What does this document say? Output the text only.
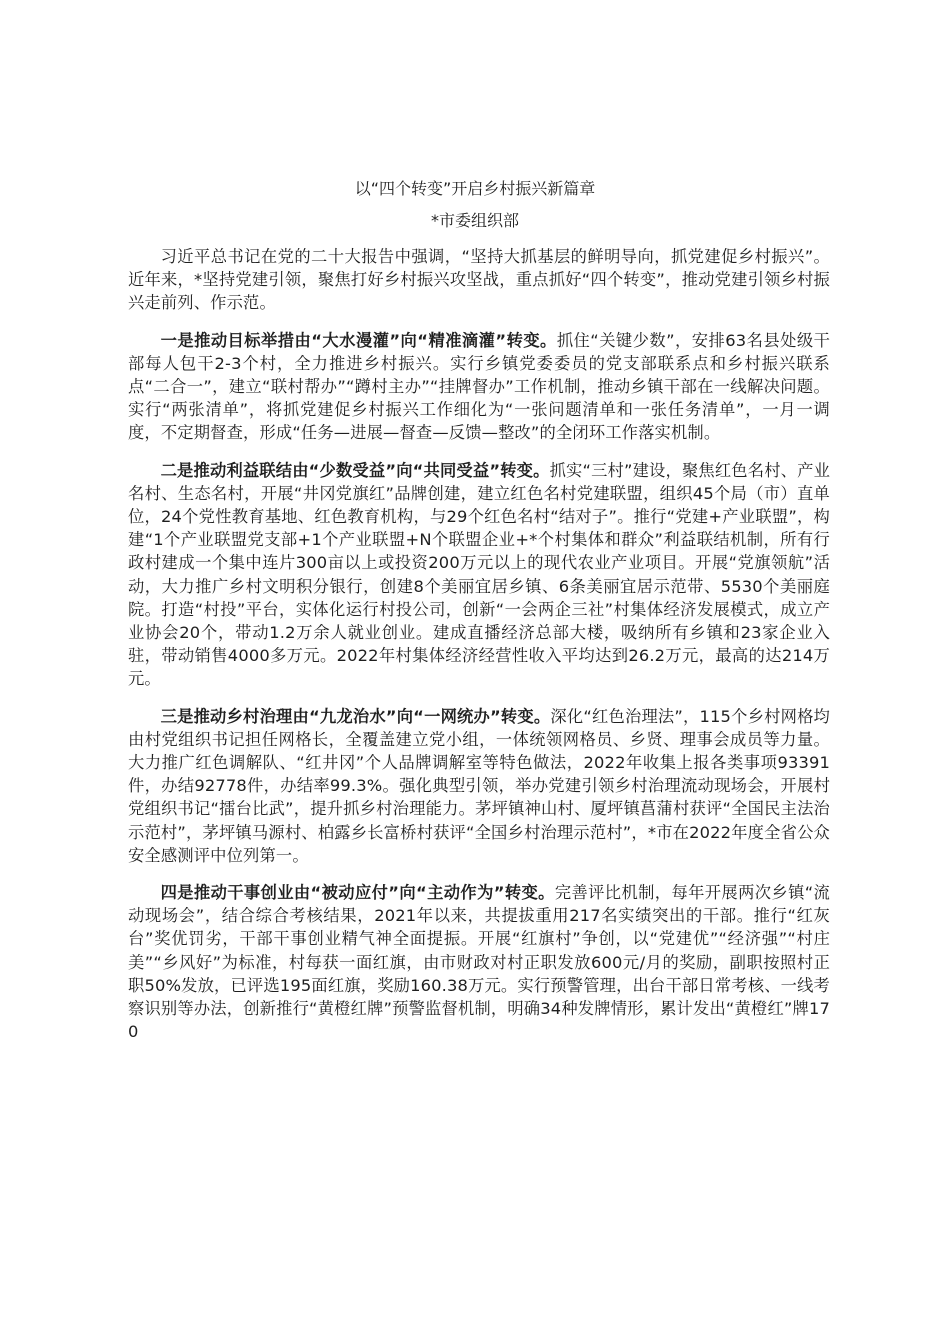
以“四个转变”开启乡村振兴新篇章
*市委组织部

习近平总书记在党的二十大报告中强调，“坚持大抓基层的鲜明导向，抓党建促乡村振兴”。近年来，*坚持党建引领，聚焦打好乡村振兴攻坚战，重点抓好“四个转变”，推动党建引领乡村振兴走前列、作示范。

一是推动目标举措由“大水漫灌”向“精准滴灌”转变。抓住“关键少数”，安排63名县处级干部每人包干2-3个村，全力推进乡村振兴。实行乡镇党委委员的党支部联系点和乡村振兴联系点“二合一”，建立“联村帮办”“蹲村主办”“挂牌督办”工作机制，推动乡镇干部在一线解决问题。实行“两张清单”，将抓党建促乡村振兴工作细化为“一张问题清单和一张任务清单”，一月一调度，不定期督查，形成“任务—进展—督查—反馈—整改”的全闭环工作落实机制。

二是推动利益联结由“少数受益”向“共同受益”转变。抓实“三村”建设，聚焦红色名村、产业名村、生态名村，开展“井冈党旗红”品牌创建，建立红色名村党建联盟，组织45个局（市）直单位，24个党性教育基地、红色教育机构，与29个红色名村“结对子”。推行“党建+产业联盟”，构建“1个产业联盟党支部+1个产业联盟+N个联盟企业+*个村集体和群众”利益联结机制，所有行政村建成一个集中连片300亩以上或投资200万元以上的现代农业产业项目。开展“党旗领航”活动，大力推广乡村文明积分银行，创建8个美丽宜居乡镇、6条美丽宜居示范带、5530个美丽庭院。打造“村投”平台，实体化运行村投公司，创新“一会两企三社”村集体经济发展模式，成立产业协会20个，带动1.2万余人就业创业。建成直播经济总部大楼，吸纳所有乡镇和23家企业入驻，带动销售4000多万元。2022年村集体经济经营性收入平均达到26.2万元，最高的达214万元。

三是推动乡村治理由“九龙治水”向“一网统办”转变。深化“红色治理法”，115个乡村网格均由村党组织书记担任网格长，全覆盖建立党小组，一体统领网格员、乡贤、理事会成员等力量。大力推广红色调解队、“红井冈”个人品牌调解室等特色做法，2022年收集上报各类事项93391件，办结92778件，办结率99.3%。强化典型引领，举办党建引领乡村治理流动现场会，开展村党组织书记“擂台比武”，提升抓乡村治理能力。茅坪镇神山村、厦坪镇菖蒲村获评“全国民主法治示范村”，茅坪镇马源村、柏露乡长富桥村获评“全国乡村治理示范村”，*市在2022年度全省公众安全感测评中位列第一。

四是推动干事创业由“被动应付”向“主动作为”转变。完善评比机制，每年开展两次乡镇“流动现场会”，结合综合考核结果，2021年以来，共提拔重用217名实绩突出的干部。推行“红灰台”奖优罚劣，干部干事创业精气神全面提振。开展“红旗村”争创，以“党建优”“经济强”“村庄美”“乡风好”为标准，村每获一面红旗，由市财政对村正职发放600元/月的奖励，副职按照村正职50%发放，已评选195面红旗，奖励160.38万元。实行预警管理，出台干部日常考核、一线考察识别等办法，创新推行“黄橙红牌”预警监督机制，明确34种发牌情形，累计发出“黄橙红”牌170
